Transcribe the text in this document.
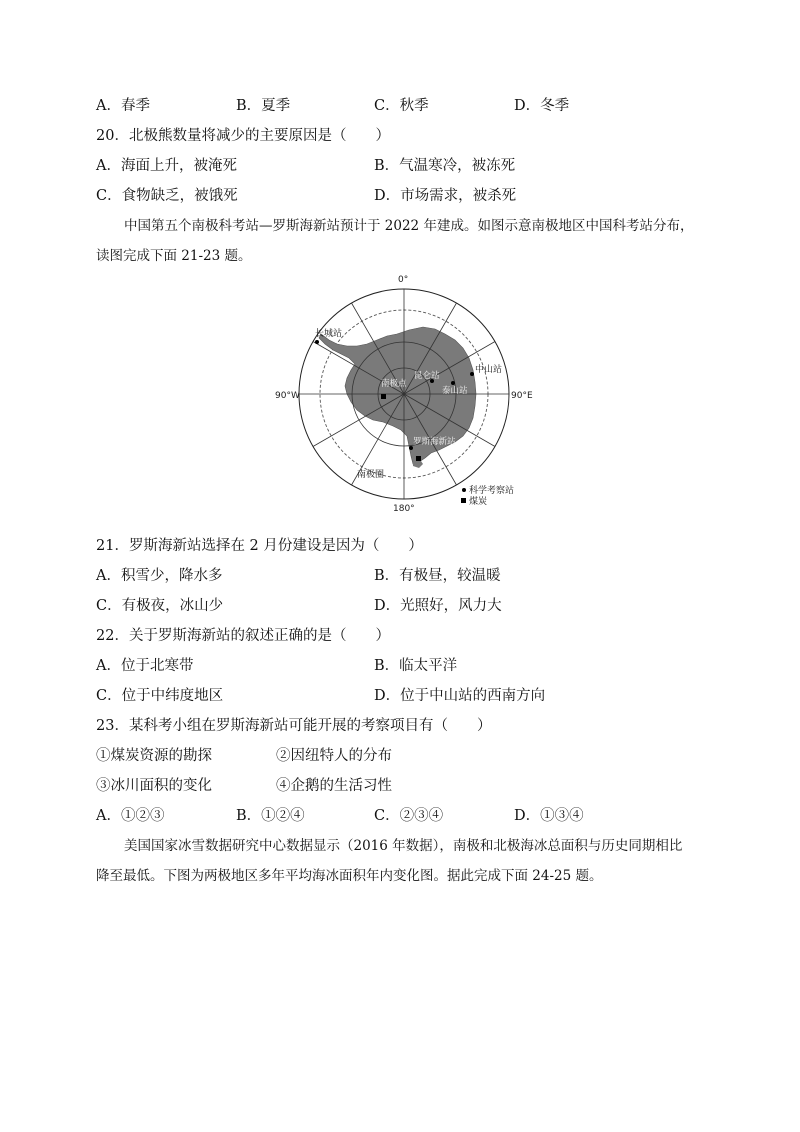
A．春季	B．夏季	C．秋季	D．冬季
20．北极熊数量将减少的主要原因是（　　）
A．海面上升，被淹死	B．气温寒冷，被冻死
C．食物缺乏，被饿死	D．市场需求，被杀死
中国第五个南极科考站—罗斯海新站预计于 2022 年建成。如图示意南极地区中国科考站分布，
读图完成下面 21-23 题。
0°
90°W	90°E
180°
长城站
中山站
昆仑站
泰山站
南极点
罗斯海新站
南极圈
科学考察站
煤炭
21．罗斯海新站选择在 2 月份建设是因为（　　）
A．积雪少，降水多	B．有极昼，较温暖
C．有极夜，冰山少	D．光照好，风力大
22．关于罗斯海新站的叙述正确的是（　　）
A．位于北寒带	B．临太平洋
C．位于中纬度地区	D．位于中山站的西南方向
23．某科考小组在罗斯海新站可能开展的考察项目有（　　）
①煤炭资源的勘探	②因纽特人的分布
③冰川面积的变化	④企鹅的生活习性
A．①②③	B．①②④	C．②③④	D．①③④
美国国家冰雪数据研究中心数据显示（2016 年数据），南极和北极海冰总面积与历史同期相比
降至最低。下图为两极地区多年平均海冰面积年内变化图。据此完成下面 24-25 题。
